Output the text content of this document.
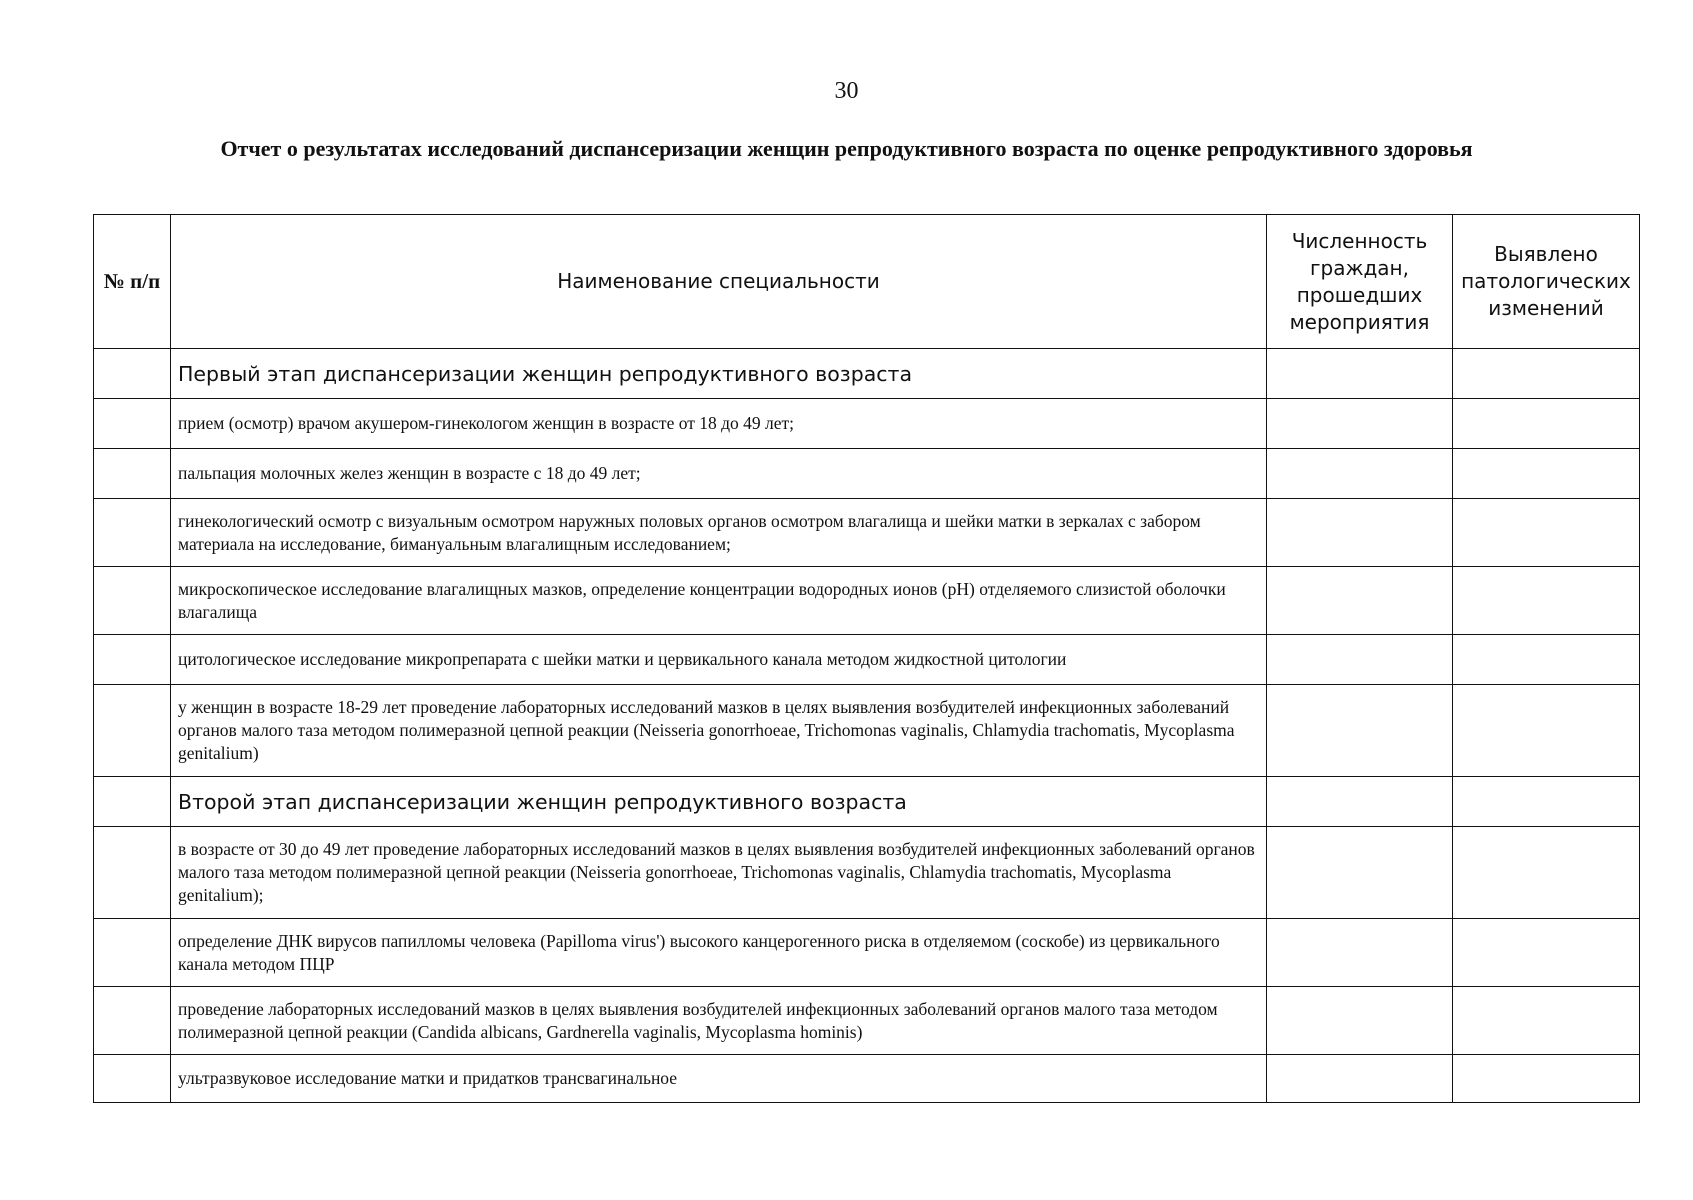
30
Отчет о результатах исследований диспансеризации женщин репродуктивного возраста по оценке репродуктивного здоровья
№ п/п	Наименование специальности	Численность граждан, прошедших мероприятия	Выявлено патологических изменений
	Первый этап диспансеризации женщин репродуктивного возраста		
	прием (осмотр) врачом акушером-гинекологом женщин в возрасте от 18 до 49 лет;		
	пальпация молочных желез женщин в возрасте с 18 до 49 лет;		
	гинекологический осмотр с визуальным осмотром наружных половых органов осмотром влагалища и шейки матки в зеркалах с забором материала на исследование, бимануальным влагалищным исследованием;		
	микроскопическое исследование влагалищных мазков, определение концентрации водородных ионов (pH) отделяемого слизистой оболочки влагалища		
	цитологическое исследование микропрепарата с шейки матки и цервикального канала методом жидкостной цитологии		
	у женщин в возрасте 18-29 лет проведение лабораторных исследований мазков в целях выявления возбудителей инфекционных заболеваний органов малого таза методом полимеразной цепной реакции (Neisseria gonorrhoeae, Trichomonas vaginalis, Chlamydia trachomatis, Mycoplasma genitalium)		
	Второй этап диспансеризации женщин репродуктивного возраста		
	в возрасте от 30 до 49 лет проведение лабораторных исследований мазков в целях выявления возбудителей инфекционных заболеваний органов малого таза методом полимеразной цепной реакции (Neisseria gonorrhoeae, Trichomonas vaginalis, Chlamydia trachomatis, Mycoplasma genitalium);		
	определение ДНК вирусов папилломы человека (Papilloma virus') высокого канцерогенного риска в отделяемом (соскобе) из цервикального канала методом ПЦР		
	проведение лабораторных исследований мазков в целях выявления возбудителей инфекционных заболеваний органов малого таза методом полимеразной цепной реакции (Candida albicans, Gardnerella vaginalis, Mycoplasma hominis)		
	ультразвуковое исследование матки и придатков трансвагинальное		
